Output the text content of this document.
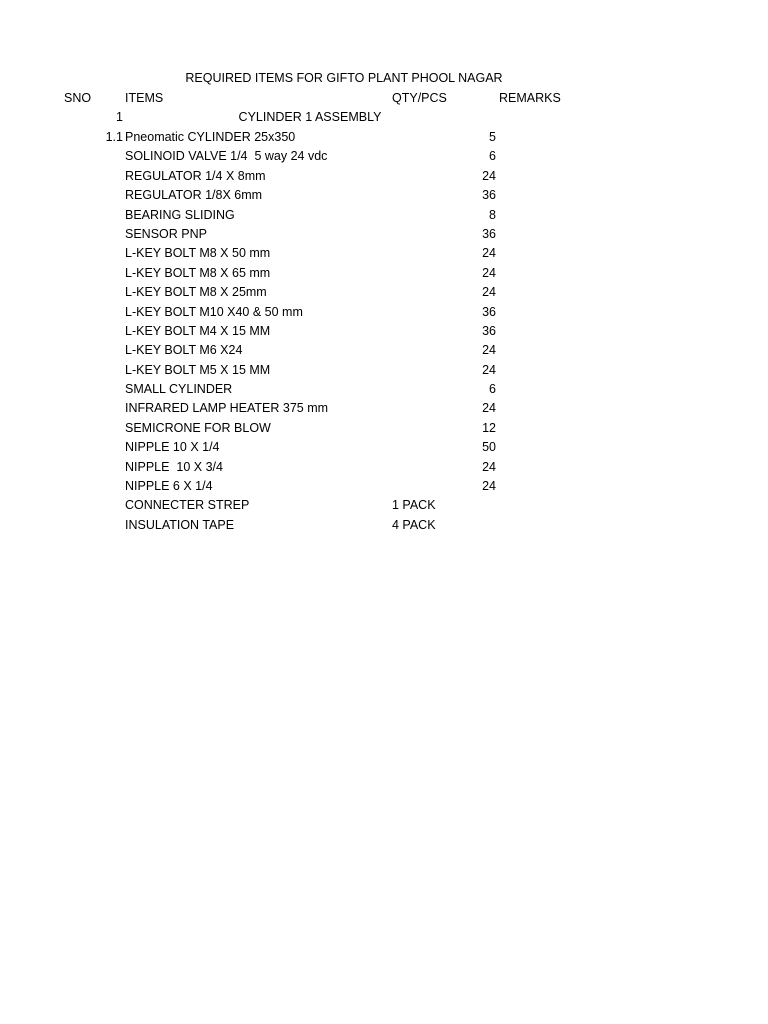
REQUIRED ITEMS FOR GIFTO PLANT PHOOL NAGAR
SNO	ITEMS	QTY/PCS	REMARKS
1	CYLINDER 1 ASSEMBLY
1.1 Pneomatic CYLINDER 25x350	5
SOLINOID VALVE 1/4  5 way 24 vdc	6
REGULATOR 1/4 X 8mm	24
REGULATOR 1/8X 6mm	36
BEARING SLIDING	8
SENSOR PNP	36
L-KEY BOLT M8 X 50 mm	24
L-KEY BOLT M8 X 65 mm	24
L-KEY BOLT M8 X 25mm	24
L-KEY BOLT M10 X40 & 50 mm	36
L-KEY BOLT M4 X 15 MM	36
L-KEY BOLT M6 X24	24
L-KEY BOLT M5 X 15 MM	24
SMALL CYLINDER	6
INFRARED LAMP HEATER 375 mm	24
SEMICRONE FOR BLOW	12
NIPPLE 10 X 1/4	50
NIPPLE  10 X 3/4	24
NIPPLE 6 X 1/4	24
CONNECTER STREP	1 PACK
INSULATION TAPE	4 PACK
